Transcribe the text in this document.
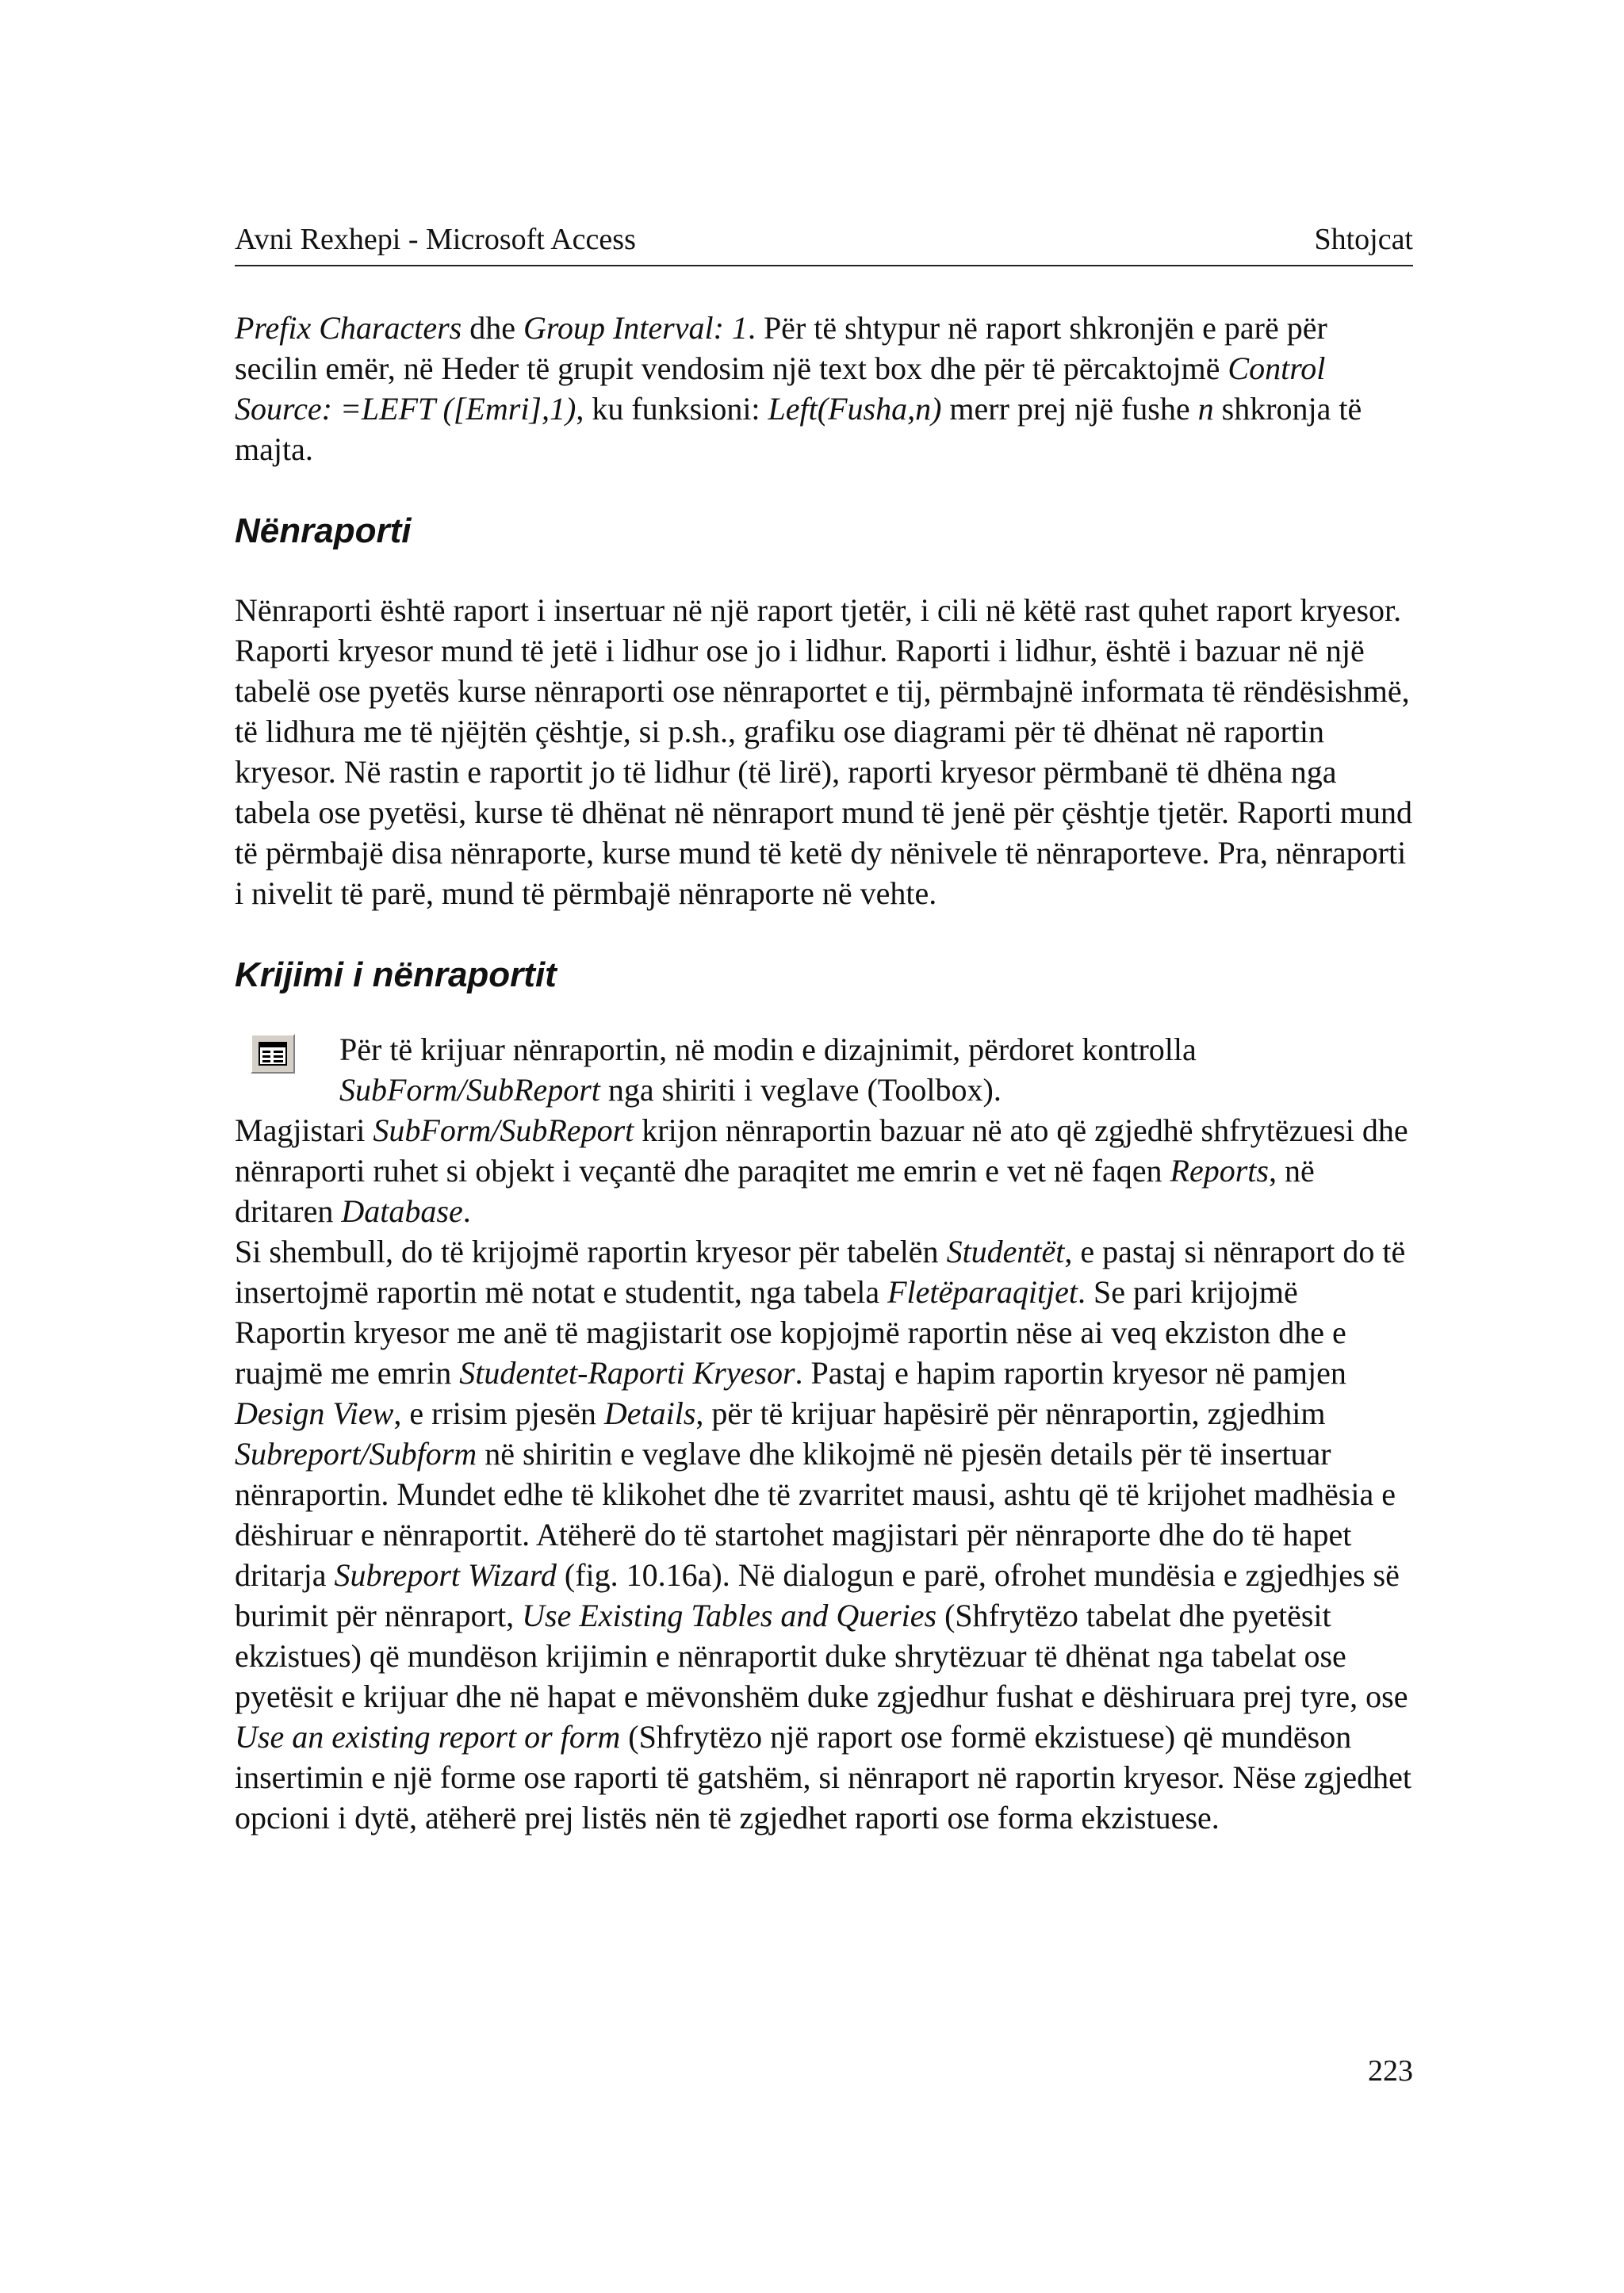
Avni Rexhepi - Microsoft Access	Shtojcat

Prefix Characters dhe Group Interval: 1. Për të shtypur në raport shkronjën e parë për secilin emër, në Heder të grupit vendosim një text box dhe për të përcaktojmë Control Source: =LEFT ([Emri],1), ku funksioni: Left(Fusha,n) merr prej një fushe n shkronja të majta.

Nënraporti

Nënraporti është raport i insertuar në një raport tjetër, i cili në këtë rast quhet raport kryesor. Raporti kryesor mund të jetë i lidhur ose jo i lidhur. Raporti i lidhur, është i bazuar në një tabelë ose pyetës kurse nënraporti ose nënraportet e tij, përmbajnë informata të rëndësishmë, të lidhura me të njëjtën çështje, si p.sh., grafiku ose diagrami për të dhënat në raportin kryesor. Në rastin e raportit jo të lidhur (të lirë), raporti kryesor përmbanë të dhëna nga tabela ose pyetësi, kurse të dhënat në nënraport mund të jenë për çështje tjetër. Raporti mund të përmbajë disa nënraporte, kurse mund të ketë dy nënivele të nënraporteve. Pra, nënraporti i nivelit të parë, mund të përmbajë nënraporte në vehte.

Krijimi i nënraportit

Për të krijuar nënraportin, në modin e dizajnimit, përdoret kontrolla SubForm/SubReport nga shiriti i veglave (Toolbox).

Magjistari SubForm/SubReport krijon nënraportin bazuar në ato që zgjedhë shfrytëzuesi dhe nënraporti ruhet si objekt i veçantë dhe paraqitet me emrin e vet në faqen Reports, në dritaren Database.

Si shembull, do të krijojmë raportin kryesor për tabelën Studentët, e pastaj si nënraport do të insertojmë raportin më notat e studentit, nga tabela Fletëparaqitjet. Se pari krijojmë Raportin kryesor me anë të magjistarit ose kopjojmë raportin nëse ai veq ekziston dhe e ruajmë me emrin Studentet-Raporti Kryesor. Pastaj e hapim raportin kryesor në pamjen Design View, e rrisim pjesën Details, për të krijuar hapësirë për nënraportin, zgjedhim Subreport/Subform në shiritin e veglave dhe klikojmë në pjesën details për të insertuar nënraportin. Mundet edhe të klikohet dhe të zvarritet mausi, ashtu që të krijohet madhësia e dëshiruar e nënraportit. Atëherë do të startohet magjistari për nënraporte dhe do të hapet dritarja Subreport Wizard (fig. 10.16a). Në dialogun e parë, ofrohet mundësia e zgjedhjes së burimit për nënraport, Use Existing Tables and Queries (Shfrytëzo tabelat dhe pyetësit ekzistues) që mundëson krijimin e nënraportit duke shrytëzuar të dhënat nga tabelat ose pyetësit e krijuar dhe në hapat e mëvonshëm duke zgjedhur fushat e dëshiruara prej tyre, ose Use an existing report or form (Shfrytëzo një raport ose formë ekzistuese) që mundëson insertimin e një forme ose raporti të gatshëm, si nënraport në raportin kryesor. Nëse zgjedhet opcioni i dytë, atëherë prej listës nën të zgjedhet raporti ose forma ekzistuese.

223
